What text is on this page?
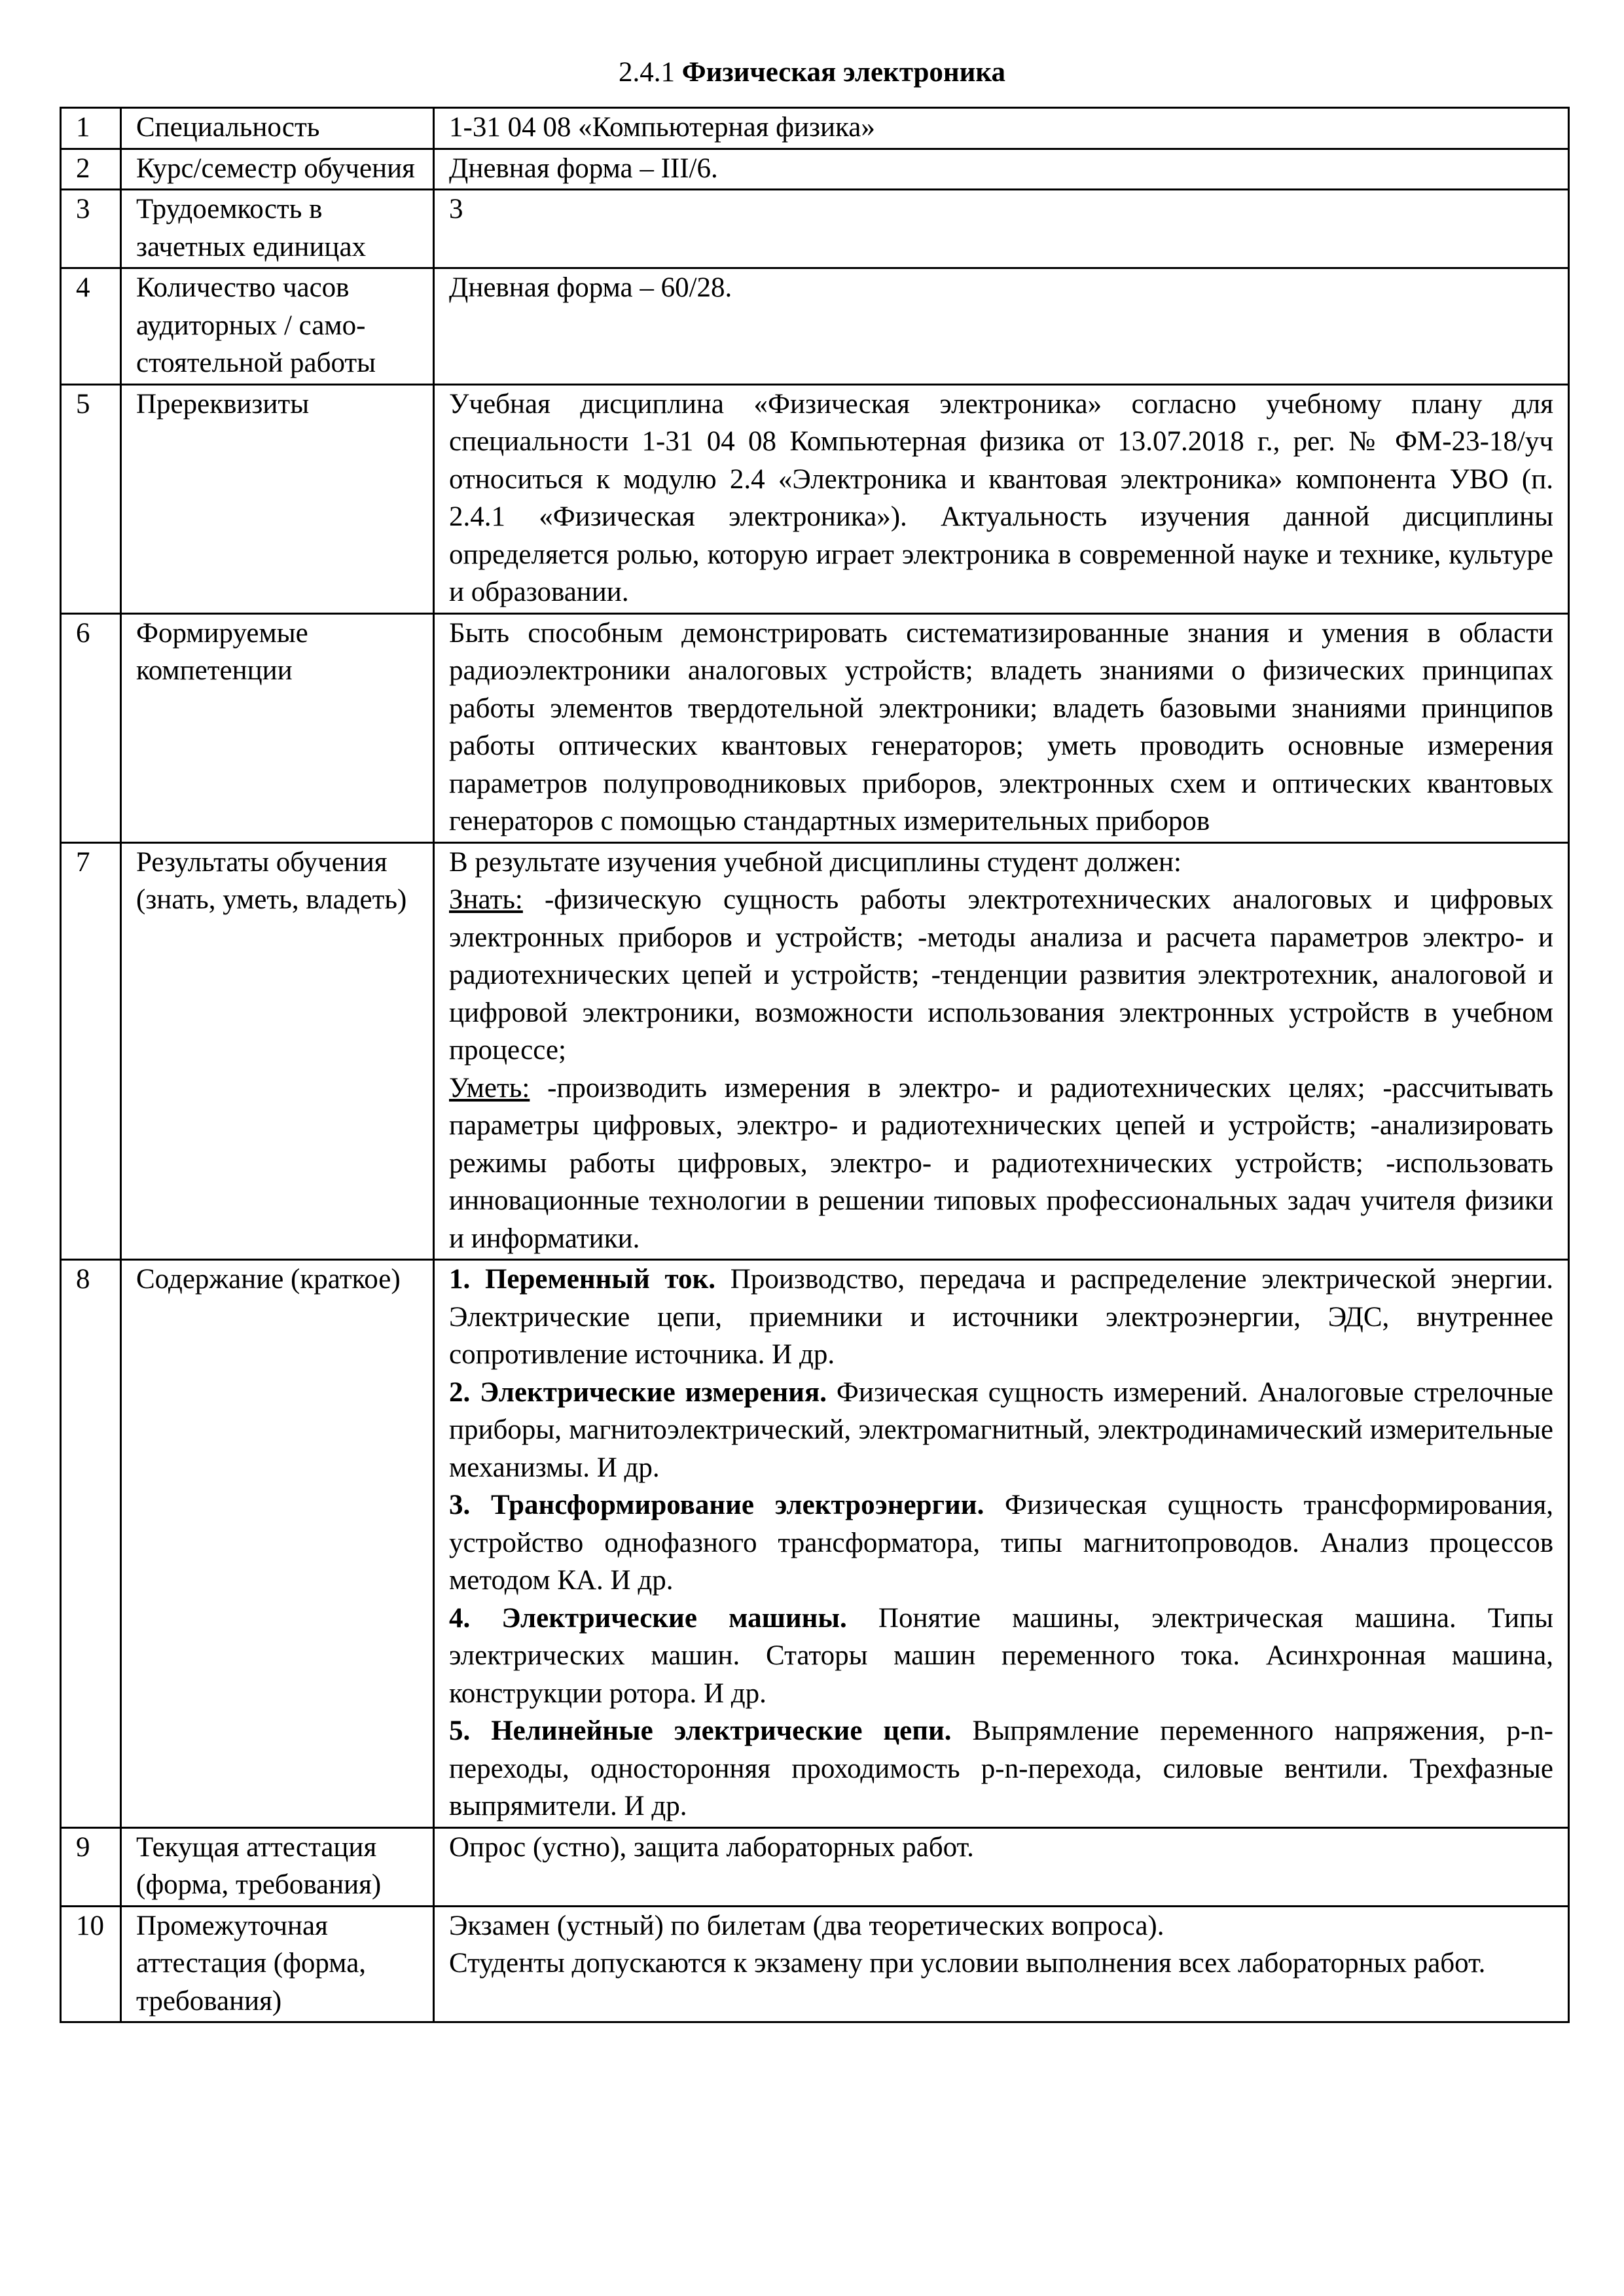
2.4.1 Физическая электроника
1	Специальность	1-31 04 08 «Компьютерная физика»
2	Курс/семестр обучения	Дневная форма – III/6.
3	Трудоемкость в зачетных единицах	3
4	Количество часов аудиторных / самостоятельной работы	Дневная форма – 60/28.
5	Пререквизиты	Учебная дисциплина «Физическая электроника» согласно учебному плану для специальности 1-31 04 08 Компьютерная физика от 13.07.2018 г., рег. № ФМ-23-18/уч относиться к модулю 2.4 «Электроника и квантовая электроника» компонента УВО (п. 2.4.1 «Физическая электроника»). Актуальность изучения данной дисциплины определяется ролью, которую играет электроника в современной науке и технике, культуре и образовании.
6	Формируемые компетенции	Быть способным демонстрировать систематизированные знания и умения в области радиоэлектроники аналоговых устройств; владеть знаниями о физических принципах работы элементов твердотельной электроники; владеть базовыми знаниями принципов работы оптических квантовых генераторов; уметь проводить основные измерения параметров полупроводниковых приборов, электронных схем и оптических квантовых генераторов с помощью стандартных измерительных приборов
7	Результаты обучения (знать, уметь, владеть)	В результате изучения учебной дисциплины студент должен:

Знать: -физическую сущность работы электротехнических аналоговых и цифровых электронных приборов и устройств; -методы анализа и расчета параметров электро- и радиотехнических цепей и устройств; -тенденции развития электротехник, аналоговой и цифровой электроники, возможности использования электронных устройств в учебном процессе;

Уметь: -производить измерения в электро- и радиотехнических целях; -рассчитывать параметры цифровых, электро- и радиотехнических цепей и устройств; -анализировать режимы работы цифровых, электро- и радиотехнических устройств; -использовать инновационные технологии в решении типовых профессиональных задач учителя физики и информатики.

8	Содержание (краткое)	1. Переменный ток. Производство, передача и распределение электрической энергии. Электрические цепи, приемники и источники электроэнергии, ЭДС, внутреннее сопротивление источника. И др.

2. Электрические измерения. Физическая сущность измерений. Аналоговые стрелочные приборы, магнитоэлектрический, электромагнитный, электродинамический измерительные механизмы. И др.

3. Трансформирование электроэнергии. Физическая сущность трансформирования, устройство однофазного трансформатора, типы магнитопроводов. Анализ процессов методом КА. И др.

4. Электрические машины. Понятие машины, электрическая машина. Типы электрических машин. Статоры машин переменного тока. Асинхронная машина, конструкции ротора. И др.

5. Нелинейные электрические цепи. Выпрямление переменного напряжения, p-n-переходы, односторонняя проходимость p-n-перехода, силовые вентили. Трехфазные выпрямители. И др.

9	Текущая аттестация (форма, требования)	Опрос (устно), защита лабораторных работ.
10	Промежуточная аттестация (форма, требования)	Экзамен (устный) по билетам (два теоретических вопроса).

Студенты допускаются к экзамену при условии выполнения всех лабораторных работ.
